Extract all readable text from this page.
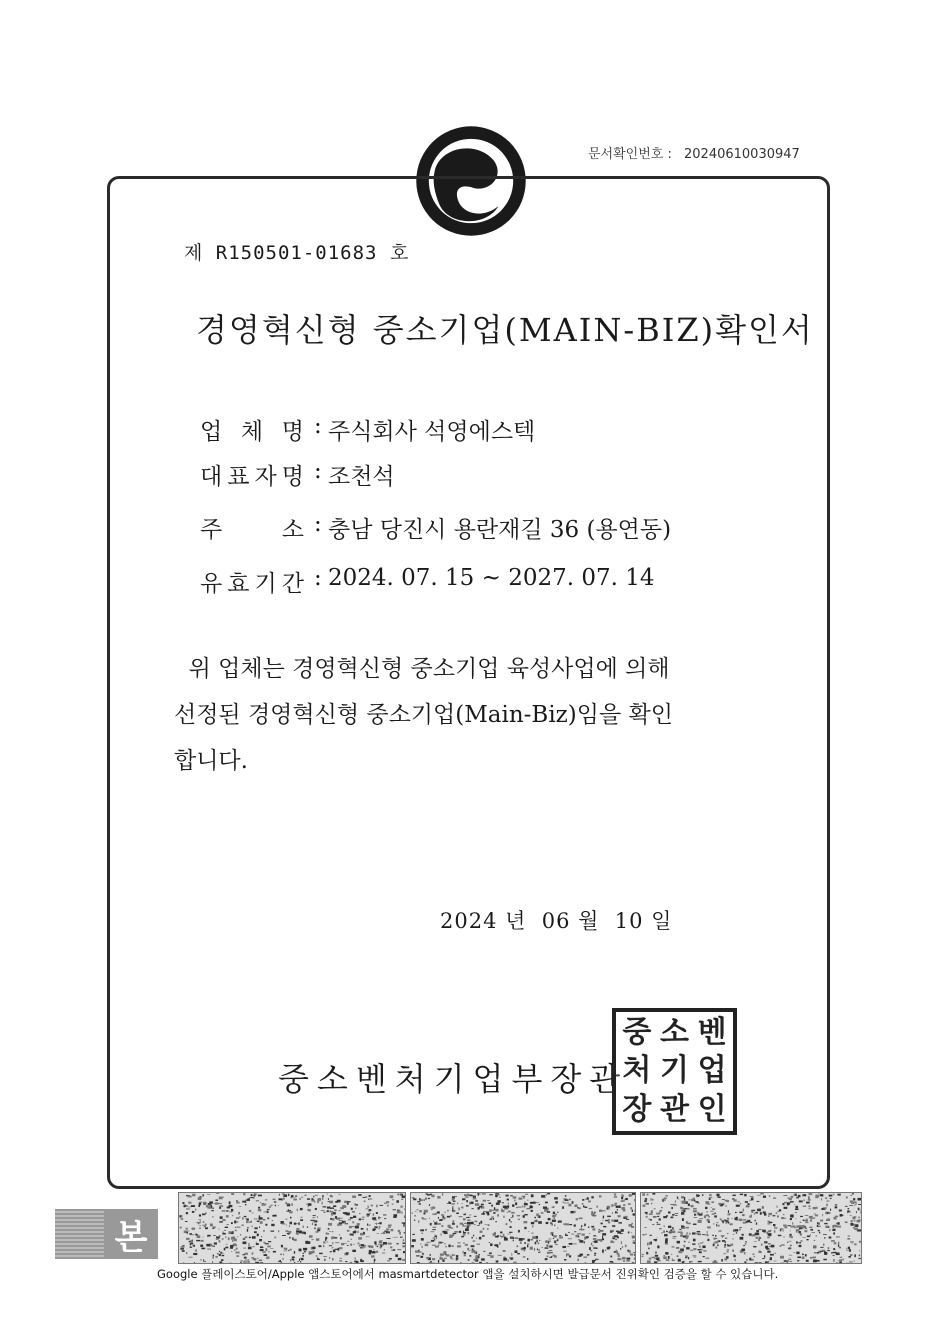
문서확인번호 : 20240610030947
제 R150501-01683 호
경영혁신형 중소기업(MAIN-BIZ)확인서
업 체 명 : 주식회사 석영에스텍
대 표 자 명 : 조천석
주	소 : 충남 당진시 용란재길 36 (용연동)
유 효 기 간 : 2024. 07. 15 ~ 2027. 07. 14
위 업체는 경영혁신형 중소기업 육성사업에 의해
선정된 경영혁신형 중소기업(Main-Biz)임을 확인
합니다.
2024 년  06 월  10 일
중소벤처기업부장관
중 소 벤
처 기 업
장 관 인
본
Google 플레이스토어/Apple 앱스토어에서 masmartdetector 앱을 설치하시면 발급문서 진위확인 검증을 할 수 있습니다.
